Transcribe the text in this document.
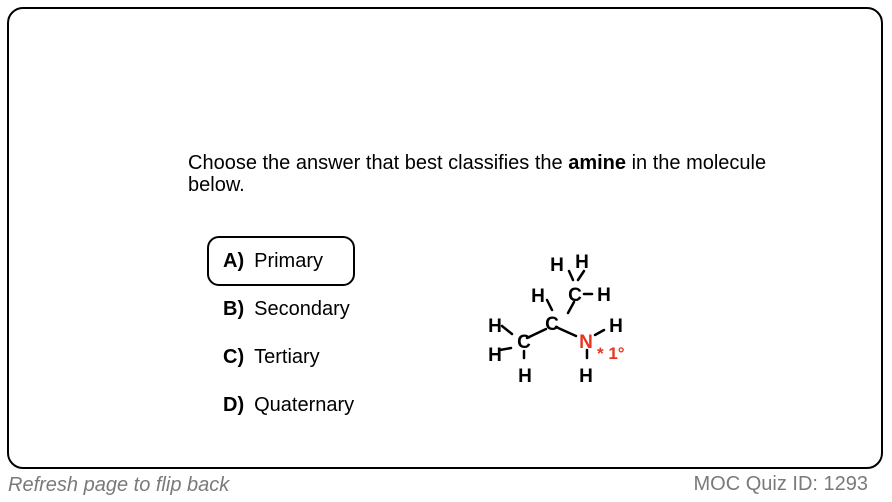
Choose the answer that best classifies the amine in the molecule below.
A) Primary
B) Secondary
C) Tertiary
D) Quaternary
H H
H C H
H C	H
H
C
H H
N
* 1°
Refresh page to flip back	MOC Quiz ID: 1293
